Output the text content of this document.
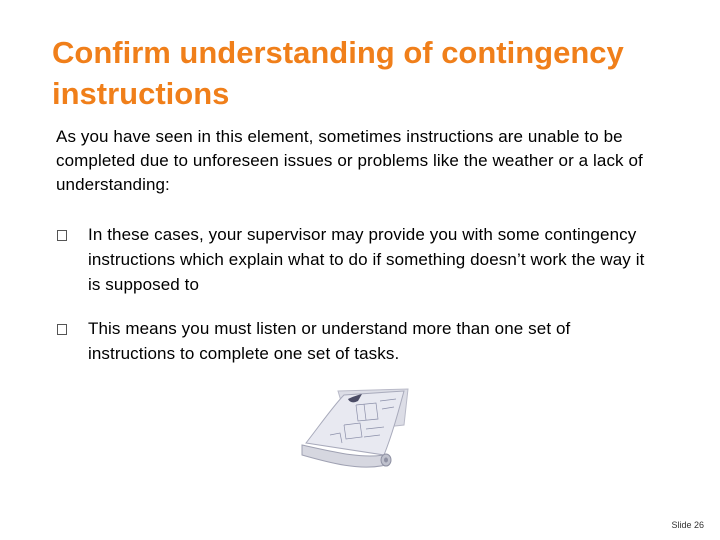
Confirm understanding of contingency instructions
As you have seen in this element, sometimes instructions are unable to be completed due to unforeseen issues or problems like the weather or a lack of understanding:
In these cases, your supervisor may provide you with some contingency instructions which explain what to do if something doesn’t work the way it is supposed to
This means you must listen or understand more than one set of instructions to complete one set of tasks.
Slide 26
